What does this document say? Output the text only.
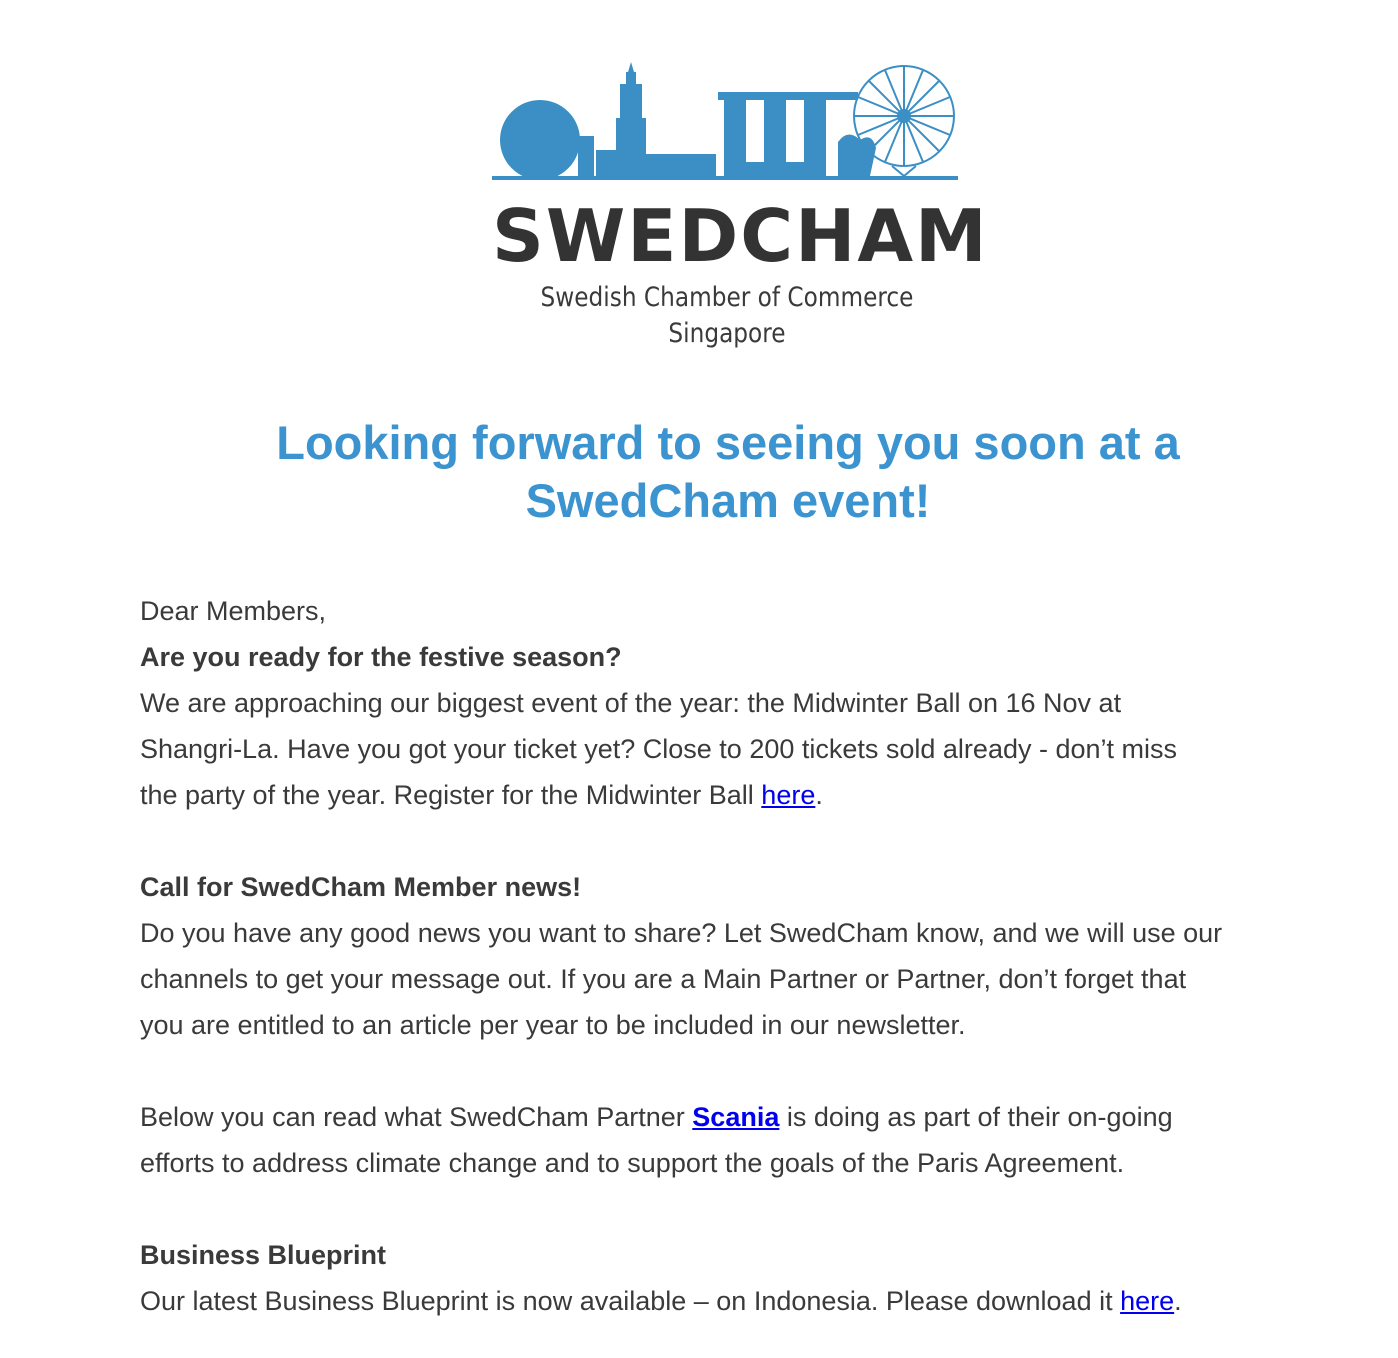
SWEDCHAM
Swedish Chamber of Commerce Singapore
Looking forward to seeing you soon at a
SwedCham event!

Dear Members,

Are you ready for the festive season?

We are approaching our biggest event of the year: the Midwinter Ball on 16 Nov at

Shangri-La. Have you got your ticket yet? Close to 200 tickets sold already - don’t miss

the party of the year. Register for the Midwinter Ball here.

Call for SwedCham Member news!

Do you have any good news you want to share? Let SwedCham know, and we will use our

channels to get your message out. If you are a Main Partner or Partner, don’t forget that

you are entitled to an article per year to be included in our newsletter.

Below you can read what SwedCham Partner Scania is doing as part of their on-going

efforts to address climate change and to support the goals of the Paris Agreement.

Business Blueprint

Our latest Business Blueprint is now available – on Indonesia. Please download it here.
